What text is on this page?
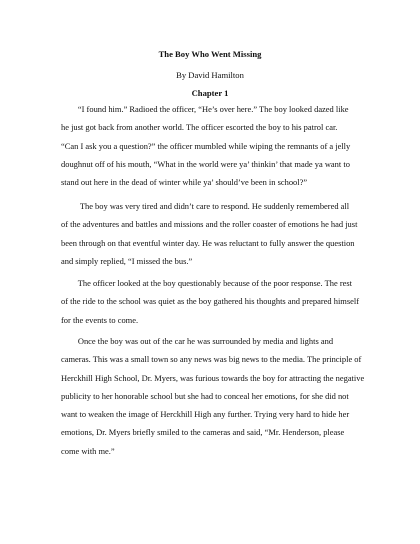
The Boy Who Went Missing
By David Hamilton
Chapter 1
“I found him.” Radioed the officer, “He’s over here.” The boy looked dazed like
he just got back from another world. The officer escorted the boy to his patrol car.
“Can I ask you a question?” the officer mumbled while wiping the remnants of a jelly
doughnut off of his mouth, “What in the world were ya’ thinkin’ that made ya want to
stand out here in the dead of winter while ya’ should’ve been in school?”
The boy was very tired and didn’t care to respond. He suddenly remembered all
of the adventures and battles and missions and the roller coaster of emotions he had just
been through on that eventful winter day. He was reluctant to fully answer the question
and simply replied, “I missed the bus.”
The officer looked at the boy questionably because of the poor response. The rest
of the ride to the school was quiet as the boy gathered his thoughts and prepared himself
for the events to come.
Once the boy was out of the car he was surrounded by media and lights and
cameras. This was a small town so any news was big news to the media. The principle of
Herckhill High School, Dr. Myers, was furious towards the boy for attracting the negative
publicity to her honorable school but she had to conceal her emotions, for she did not
want to weaken the image of Herckhill High any further. Trying very hard to hide her
emotions, Dr. Myers briefly smiled to the cameras and said, “Mr. Henderson, please
come with me.”
